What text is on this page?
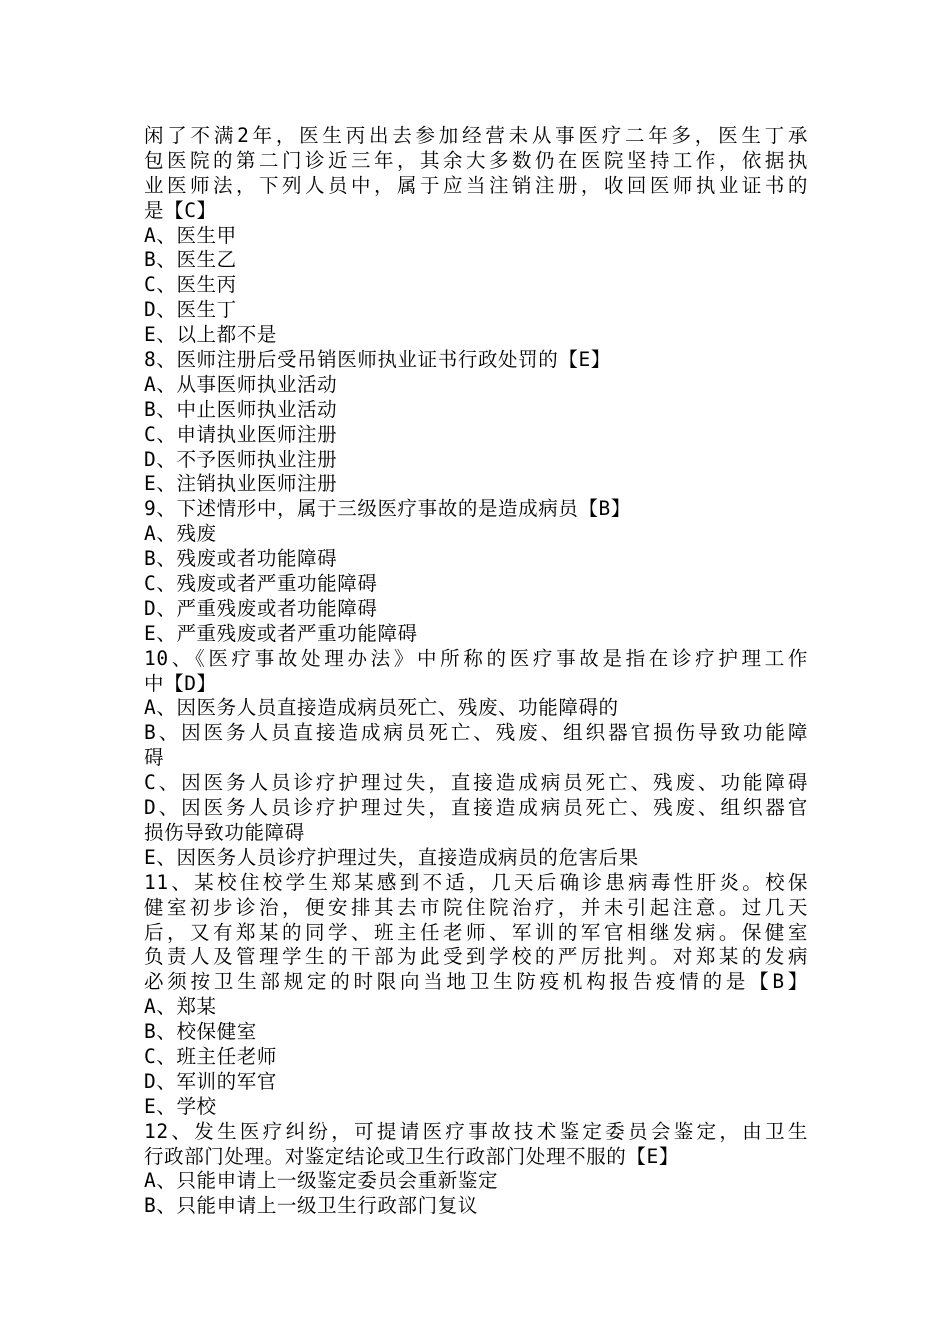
闲了不满2年，医生丙出去参加经营未从事医疗二年多，医生丁承
包医院的第二门诊近三年，其余大多数仍在医院坚持工作，依据执
业医师法，下列人员中，属于应当注销注册，收回医师执业证书的
是【C】
A、医生甲
B、医生乙
C、医生丙
D、医生丁
E、以上都不是
8、医师注册后受吊销医师执业证书行政处罚的【E】
A、从事医师执业活动
B、中止医师执业活动
C、申请执业医师注册
D、不予医师执业注册
E、注销执业医师注册
9、下述情形中，属于三级医疗事故的是造成病员【B】
A、残废
B、残废或者功能障碍
C、残废或者严重功能障碍
D、严重残废或者功能障碍
E、严重残废或者严重功能障碍
10、《医疗事故处理办法》中所称的医疗事故是指在诊疗护理工作
中【D】
A、因医务人员直接造成病员死亡、残废、功能障碍的
B、因医务人员直接造成病员死亡、残废、组织器官损伤导致功能障
碍
C、因医务人员诊疗护理过失，直接造成病员死亡、残废、功能障碍
D、因医务人员诊疗护理过失，直接造成病员死亡、残废、组织器官
损伤导致功能障碍
E、因医务人员诊疗护理过失，直接造成病员的危害后果
11、某校住校学生郑某感到不适，几天后确诊患病毒性肝炎。校保
健室初步诊治，便安排其去市院住院治疗，并未引起注意。过几天
后，又有郑某的同学、班主任老师、军训的军官相继发病。保健室
负责人及管理学生的干部为此受到学校的严厉批判。对郑某的发病
必须按卫生部规定的时限向当地卫生防疫机构报告疫情的是【B】
A、郑某
B、校保健室
C、班主任老师
D、军训的军官
E、学校
12、发生医疗纠纷，可提请医疗事故技术鉴定委员会鉴定，由卫生
行政部门处理。对鉴定结论或卫生行政部门处理不服的【E】
A、只能申请上一级鉴定委员会重新鉴定
B、只能申请上一级卫生行政部门复议
